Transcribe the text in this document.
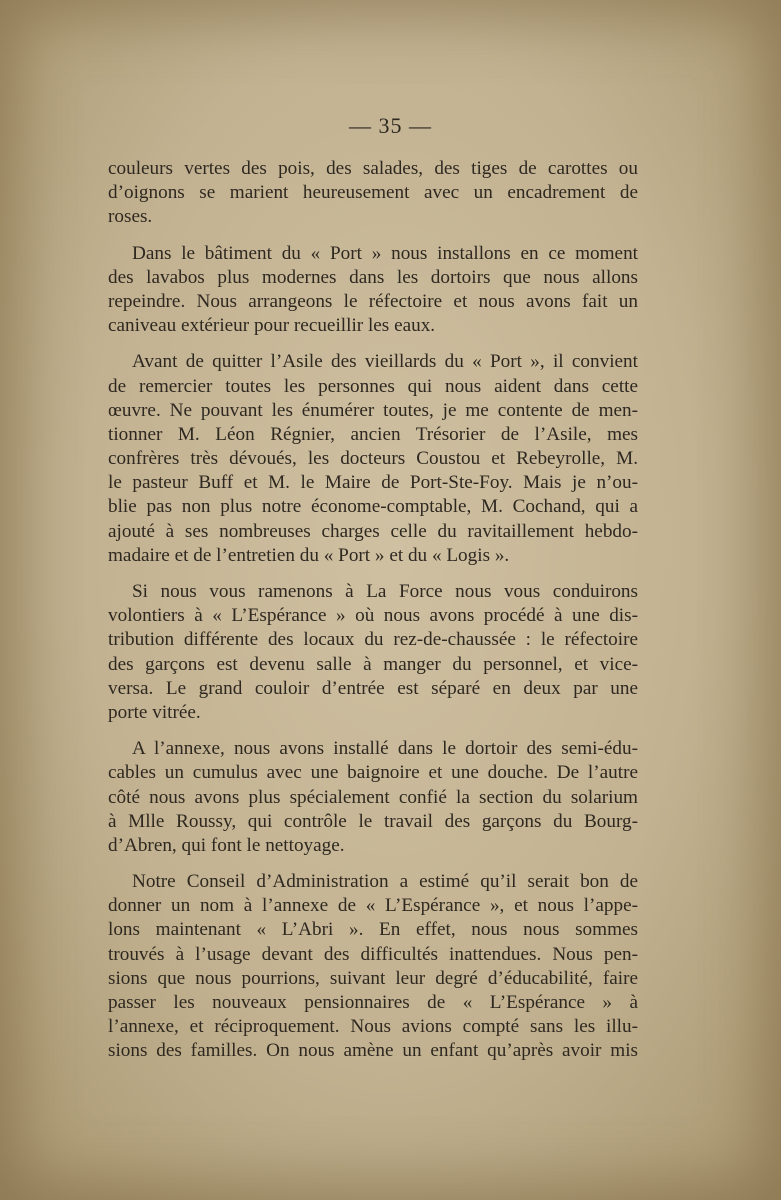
— 35 —
couleurs vertes des pois, des salades, des tiges de carottes ou
d’oignons se marient heureusement avec un encadrement de
roses.
Dans le bâtiment du « Port » nous installons en ce moment
des lavabos plus modernes dans les dortoirs que nous allons
repeindre. Nous arrangeons le réfectoire et nous avons fait un
caniveau extérieur pour recueillir les eaux.
Avant de quitter l’Asile des vieillards du « Port », il convient
de remercier toutes les personnes qui nous aident dans cette
œuvre. Ne pouvant les énumérer toutes, je me contente de men-
tionner M. Léon Régnier, ancien Trésorier de l’Asile, mes
confrères très dévoués, les docteurs Coustou et Rebeyrolle, M.
le pasteur Buff et M. le Maire de Port-Ste-Foy. Mais je n’ou-
blie pas non plus notre économe-comptable, M. Cochand, qui a
ajouté à ses nombreuses charges celle du ravitaillement hebdo-
madaire et de l’entretien du « Port » et du « Logis ».
Si nous vous ramenons à La Force nous vous conduirons
volontiers à « L’Espérance » où nous avons procédé à une dis-
tribution différente des locaux du rez-de-chaussée : le réfectoire
des garçons est devenu salle à manger du personnel, et vice-
versa. Le grand couloir d’entrée est séparé en deux par une
porte vitrée.
A l’annexe, nous avons installé dans le dortoir des semi-édu-
cables un cumulus avec une baignoire et une douche. De l’autre
côté nous avons plus spécialement confié la section du solarium
à Mlle Roussy, qui contrôle le travail des garçons du Bourg-
d’Abren, qui font le nettoyage.
Notre Conseil d’Administration a estimé qu’il serait bon de
donner un nom à l’annexe de « L’Espérance », et nous l’appe-
lons maintenant « L’Abri ». En effet, nous nous sommes
trouvés à l’usage devant des difficultés inattendues. Nous pen-
sions que nous pourrions, suivant leur degré d’éducabilité, faire
passer les nouveaux pensionnaires de « L’Espérance » à
l’annexe, et réciproquement. Nous avions compté sans les illu-
sions des familles. On nous amène un enfant qu’après avoir mis
